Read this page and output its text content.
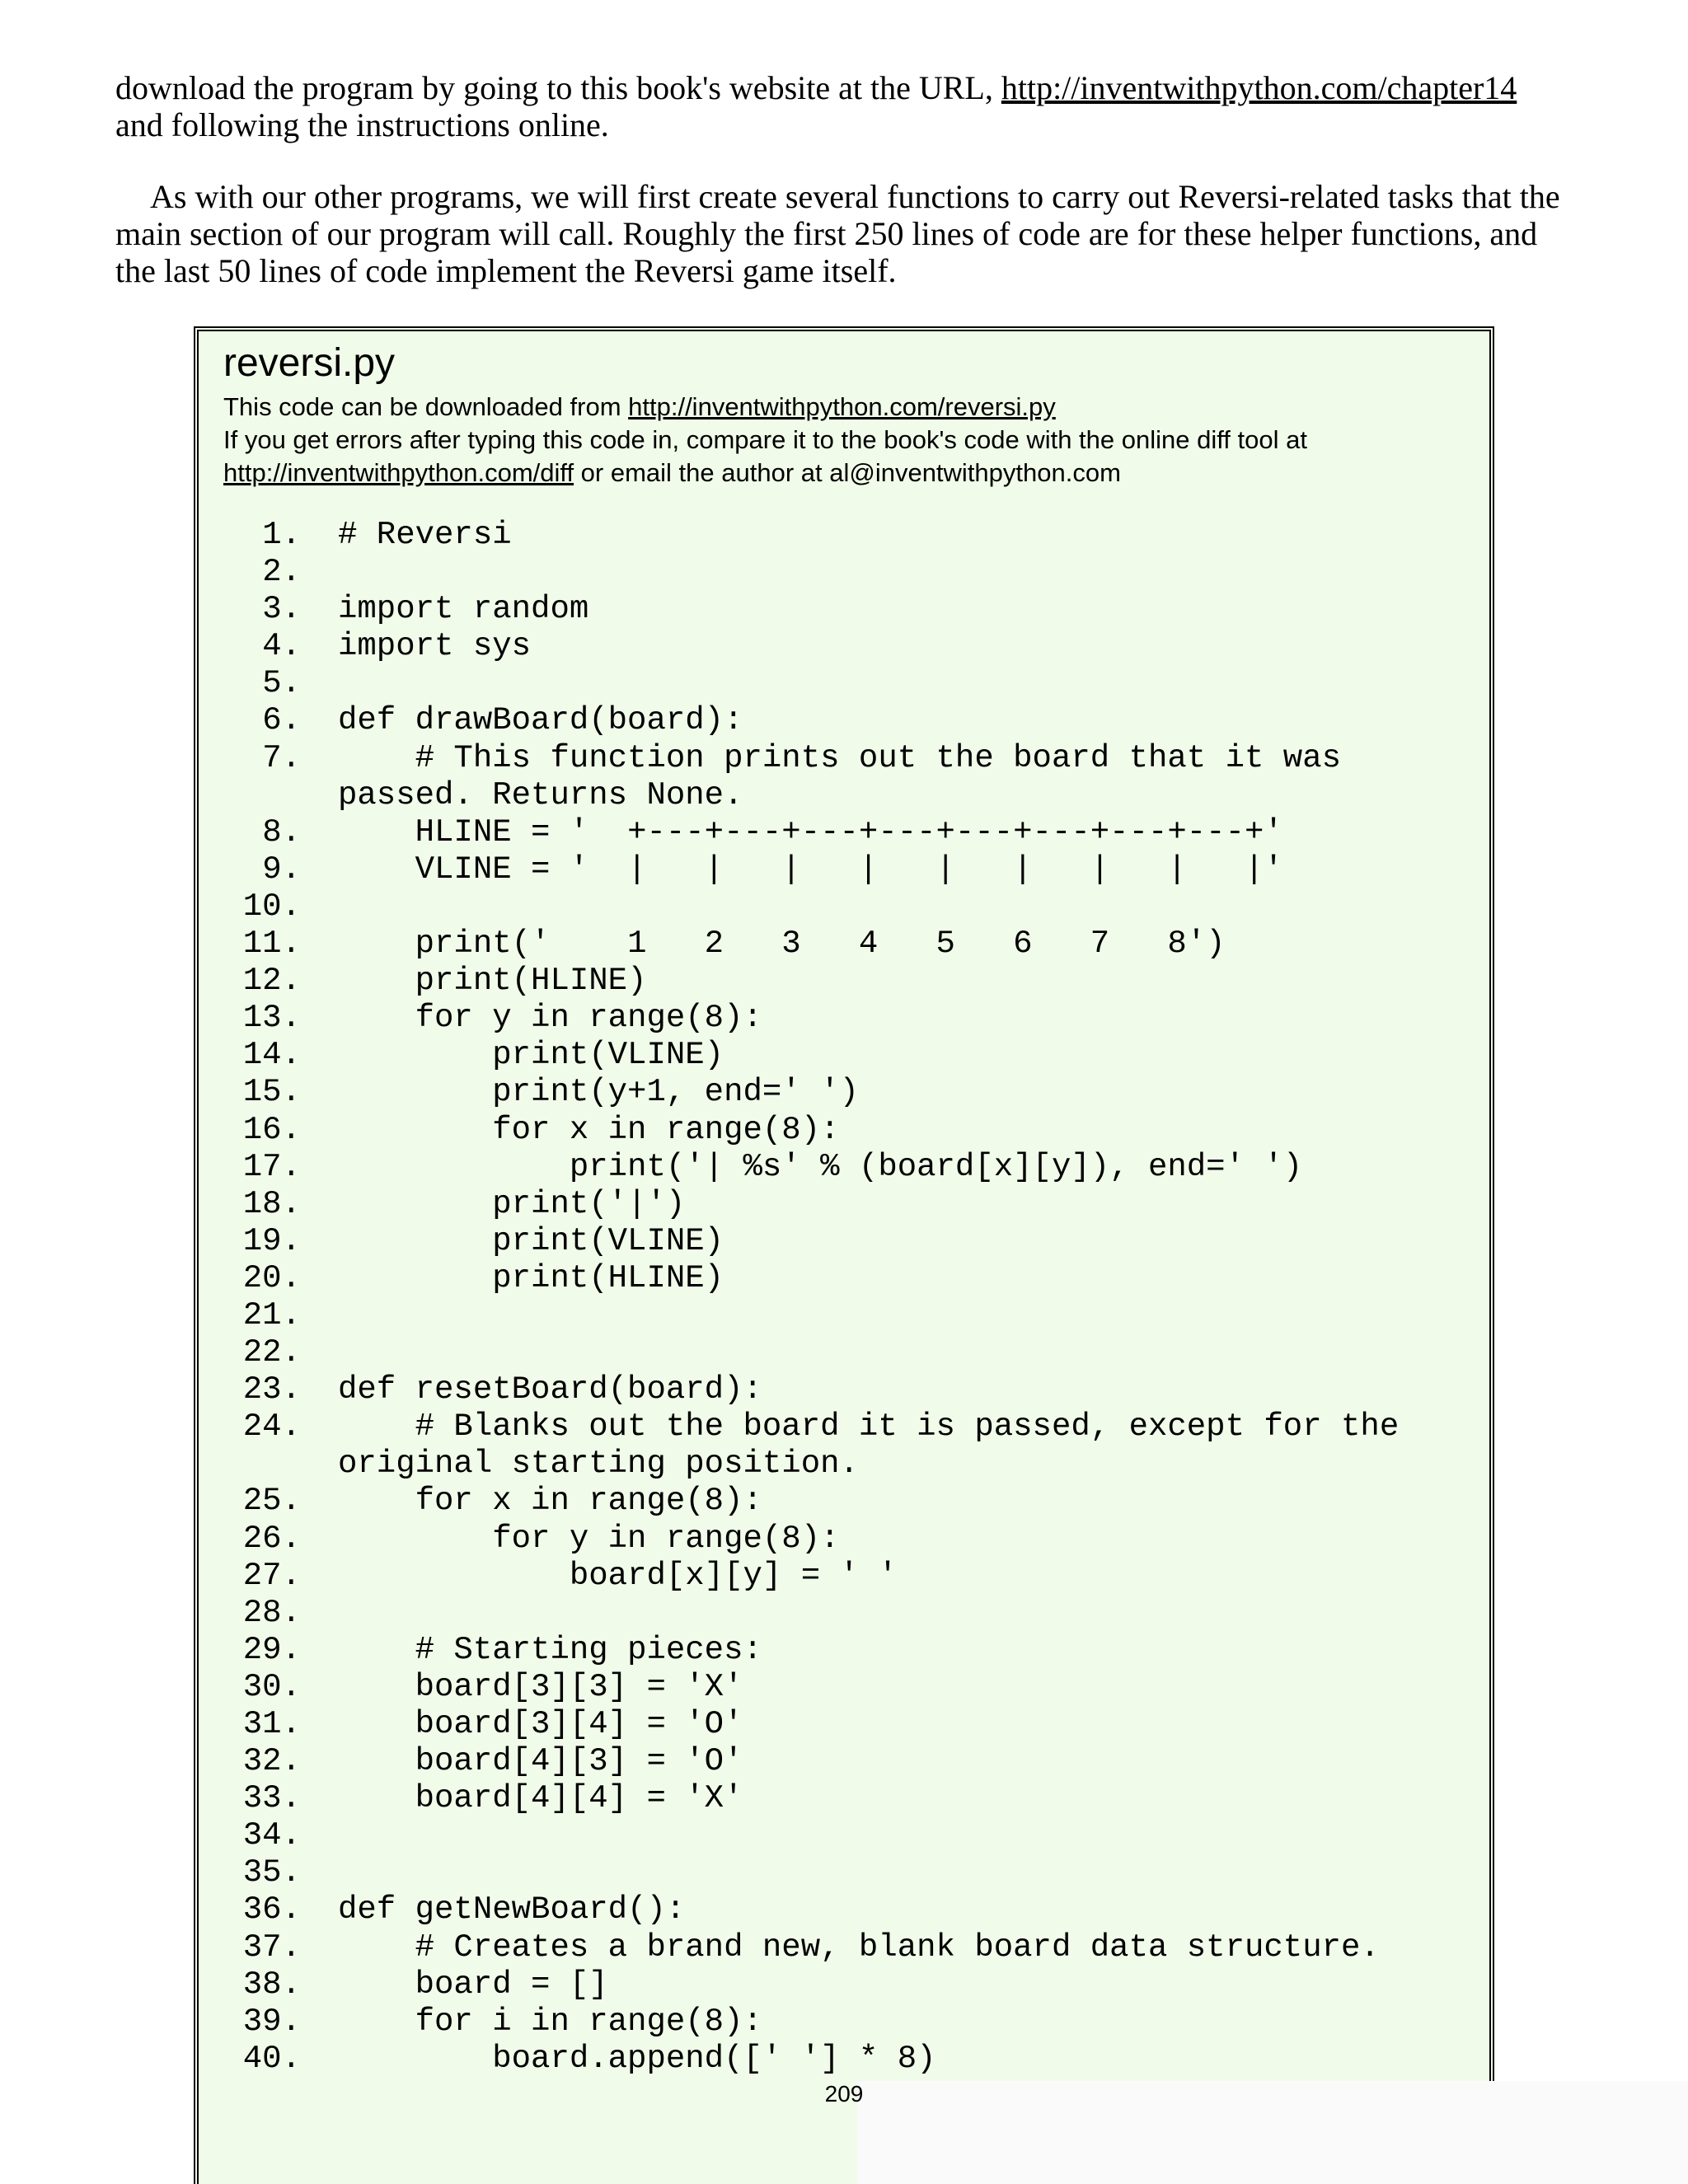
download the program by going to this book's website at the URL, http://inventwithpython.com/chapter14
and following the instructions online.

As with our other programs, we will first create several functions to carry out Reversi-related tasks that the main section of our program will call. Roughly the first 250 lines of code are for these helper functions, and the last 50 lines of code implement the Reversi game itself.

reversi.py
This code can be downloaded from http://inventwithpython.com/reversi.py
If you get errors after typing this code in, compare it to the book's code with the online diff tool at
http://inventwithpython.com/diff or email the author at al@inventwithpython.com
1. # Reversi
2.
3. import random
4. import sys
5.
6. def drawBoard(board):
7. # This function prints out the board that it was passed. Returns None.
8. HLINE = '  +---+---+---+---+---+---+---+---+'
9. VLINE = '  |   |   |   |   |   |   |   |   |'
10.
11. print('    1   2   3   4   5   6   7   8')
12. print(HLINE)
13. for y in range(8):
14. print(VLINE)
15. print(y+1, end=' ')
16. for x in range(8):
17. print('| %s' % (board[x][y]), end=' ')
18. print('|')
19. print(VLINE)
20. print(HLINE)
21.
22.
23. def resetBoard(board):
24. # Blanks out the board it is passed, except for the original starting position.
25. for x in range(8):
26. for y in range(8):
27. board[x][y] = ' '
28.
29. # Starting pieces:
30. board[3][3] = 'X'
31. board[3][4] = 'O'
32. board[4][3] = 'O'
33. board[4][4] = 'X'
34.
35.
36. def getNewBoard():
37. # Creates a brand new, blank board data structure.
38. board = []
39. for i in range(8):
40. board.append([' '] * 8)
209
